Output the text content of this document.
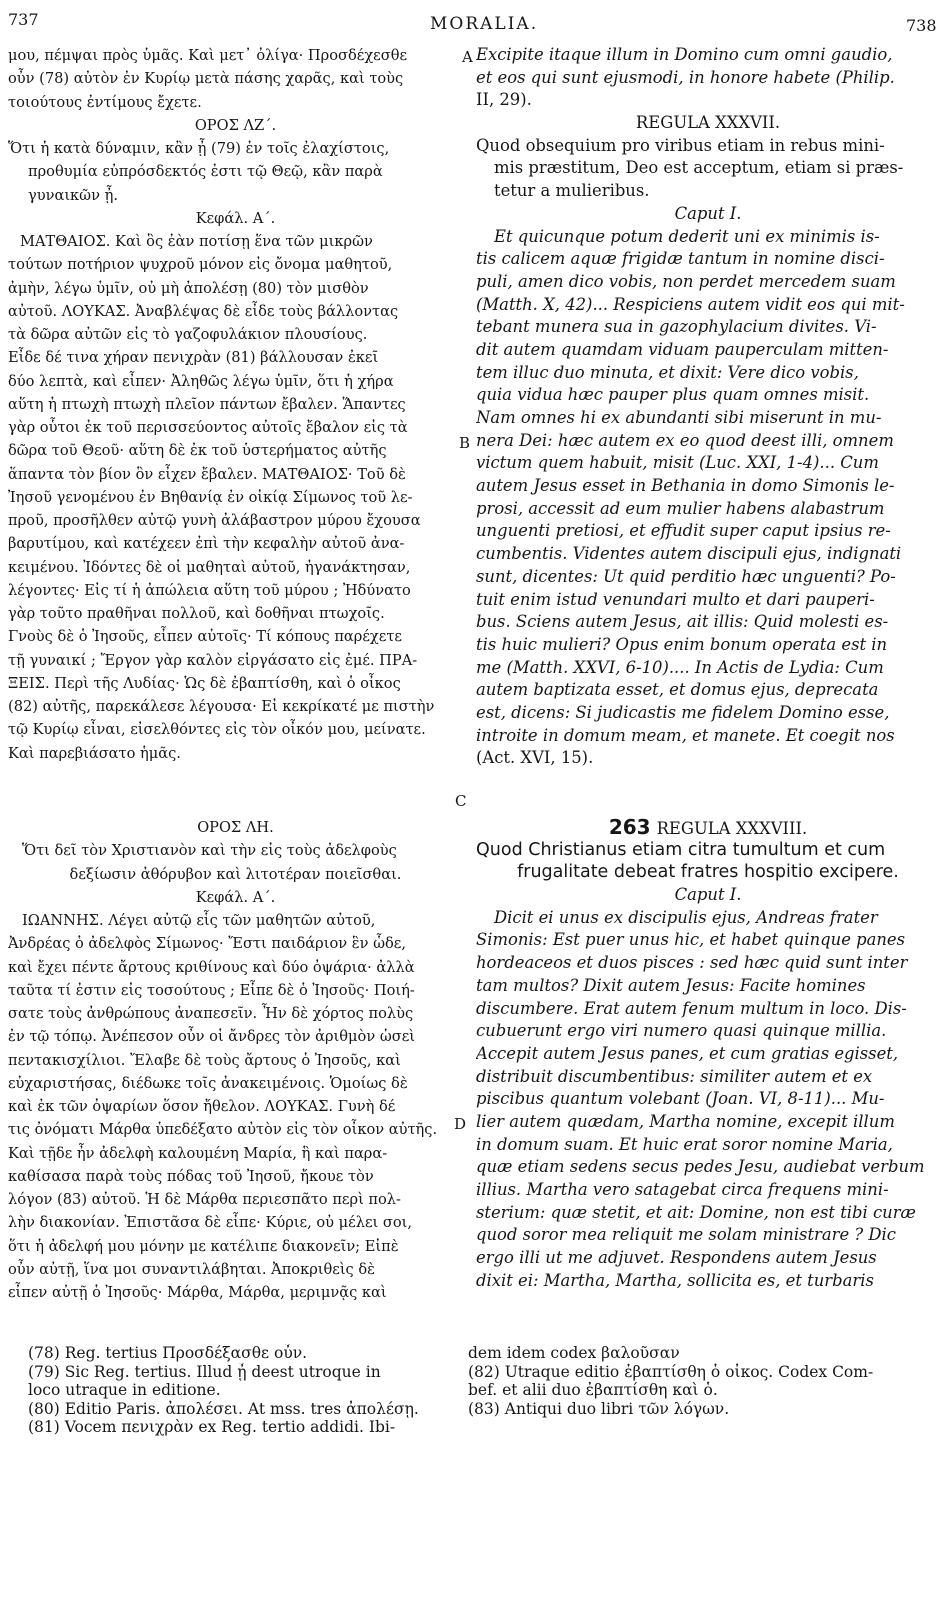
737	MORALIA.	738
A
B
C
D
μου, πέμψαι πρὸς ὑμᾶς. Καὶ μετ᾽ ὀλίγα· Προσδέχεσθε
οὖν (78) αὐτὸν ἐν Κυρίῳ μετὰ πάσης χαρᾶς, καὶ τοὺς
τοιούτους ἐντίμους ἔχετε.
ΟΡΟΣ ΛΖ΄.
Ὅτι ἡ κατὰ δύναμιν, κἂν ᾖ (79) ἐν τοῖς ἐλαχίστοις,
προθυμία εὐπρόσδεκτός ἐστι τῷ Θεῷ, κἂν παρὰ
γυναικῶν ᾖ.
Κεφάλ. Α΄.
ΜΑΤΘΑΙΟΣ. Καὶ ὃς ἐὰν ποτίσῃ ἕνα τῶν μικρῶν
τούτων ποτήριον ψυχροῦ μόνον εἰς ὄνομα μαθητοῦ,
ἀμὴν, λέγω ὑμῖν, οὐ μὴ ἀπολέσῃ (80) τὸν μισθὸν
αὐτοῦ. ΛΟΥΚΑΣ. Ἀναβλέψας δὲ εἶδε τοὺς βάλλοντας
τὰ δῶρα αὐτῶν εἰς τὸ γαζοφυλάκιον πλουσίους.
Εἶδε δέ τινα χήραν πενιχρὰν (81) βάλλουσαν ἐκεῖ
δύο λεπτὰ, καὶ εἶπεν· Ἀληθῶς λέγω ὑμῖν, ὅτι ἡ χήρα
αὕτη ἡ πτωχὴ πτωχὴ πλεῖον πάντων ἔβαλεν. Ἅπαντες
γὰρ οὗτοι ἐκ τοῦ περισσεύοντος αὐτοῖς ἔβαλον εἰς τὰ
δῶρα τοῦ Θεοῦ· αὕτη δὲ ἐκ τοῦ ὑστερήματος αὐτῆς
ἅπαντα τὸν βίον ὃν εἶχεν ἔβαλεν. ΜΑΤΘΑΙΟΣ· Τοῦ δὲ
Ἰησοῦ γενομένου ἐν Βηθανίᾳ ἐν οἰκίᾳ Σίμωνος τοῦ λε-
προῦ, προσῆλθεν αὐτῷ γυνὴ ἀλάβαστρον μύρου ἔχουσα
βαρυτίμου, καὶ κατέχεεν ἐπὶ τὴν κεφαλὴν αὐτοῦ ἀνα-
κειμένου. Ἰδόντες δὲ οἱ μαθηταὶ αὐτοῦ, ἠγανάκτησαν,
λέγοντες· Εἰς τί ἡ ἀπώλεια αὕτη τοῦ μύρου ; Ἠδύνατο
γὰρ τοῦτο πραθῆναι πολλοῦ, καὶ δοθῆναι πτωχοῖς.
Γνοὺς δὲ ὁ Ἰησοῦς, εἶπεν αὐτοῖς· Τί κόπους παρέχετε
τῇ γυναικί ; Ἔργον γὰρ καλὸν εἰργάσατο εἰς ἐμέ. ΠΡΑ-
ΞΕΙΣ. Περὶ τῆς Λυδίας· Ὡς δὲ ἐβαπτίσθη, καὶ ὁ οἶκος
(82) αὐτῆς, παρεκάλεσε λέγουσα· Εἰ κεκρίκατέ με πιστὴν
τῷ Κυρίῳ εἶναι, εἰσελθόντες εἰς τὸν οἶκόν μου, μείνατε.
Καὶ παρεβιάσατο ἡμᾶς.
ΟΡΟΣ ΛΗ.
Ὅτι δεῖ τὸν Χριστιανὸν καὶ τὴν εἰς τοὺς ἀδελφοὺς
δεξίωσιν ἀθόρυβον καὶ λιτοτέραν ποιεῖσθαι.
Κεφάλ. Α΄.
ΙΩΑΝΝΗΣ. Λέγει αὐτῷ εἷς τῶν μαθητῶν αὐτοῦ,
Ἀνδρέας ὁ ἀδελφὸς Σίμωνος· Ἔστι παιδάριον ἓν ὧδε,
καὶ ἔχει πέντε ἄρτους κριθίνους καὶ δύο ὀψάρια· ἀλλὰ
ταῦτα τί ἐστιν εἰς τοσούτους ; Εἶπε δὲ ὁ Ἰησοῦς· Ποιή-
σατε τοὺς ἀνθρώπους ἀναπεσεῖν. Ἦν δὲ χόρτος πολὺς
ἐν τῷ τόπῳ. Ἀνέπεσον οὖν οἱ ἄνδρες τὸν ἀριθμὸν ὡσεὶ
πεντακισχίλιοι. Ἔλαβε δὲ τοὺς ἄρτους ὁ Ἰησοῦς, καὶ
εὐχαριστήσας, διέδωκε τοῖς ἀνακειμένοις. Ὁμοίως δὲ
καὶ ἐκ τῶν ὀψαρίων ὅσον ἤθελον. ΛΟΥΚΑΣ. Γυνὴ δέ
τις ὀνόματι Μάρθα ὑπεδέξατο αὐτὸν εἰς τὸν οἶκον αὐτῆς.
Καὶ τῇδε ἦν ἀδελφὴ καλουμένη Μαρία, ἣ καὶ παρα-
καθίσασα παρὰ τοὺς πόδας τοῦ Ἰησοῦ, ἤκουε τὸν
λόγον (83) αὐτοῦ. Ἡ δὲ Μάρθα περιεσπᾶτο περὶ πολ-
λὴν διακονίαν. Ἐπιστᾶσα δὲ εἶπε· Κύριε, οὐ μέλει σοι,
ὅτι ἡ ἀδελφή μου μόνην με κατέλιπε διακονεῖν; Εἰπὲ
οὖν αὐτῇ, ἵνα μοι συναντιλάβηται. Ἀποκριθεὶς δὲ
εἶπεν αὐτῇ ὁ Ἰησοῦς· Μάρθα, Μάρθα, μεριμνᾷς καὶ
Excipite itaque illum in Domino cum omni gaudio,
et eos qui sunt ejusmodi, in honore habete (Philip.
II, 29).
REGULA XXXVII.
Quod obsequium pro viribus etiam in rebus mini-
mis præstitum, Deo est acceptum, etiam si præs-
tetur a mulieribus.
Caput I.
Et quicunque potum dederit uni ex minimis is-
tis calicem aquæ frigidæ tantum in nomine disci-
puli, amen dico vobis, non perdet mercedem suam
(Matth. X, 42)... Respiciens autem vidit eos qui mit-
tebant munera sua in gazophylacium divites. Vi-
dit autem quamdam viduam pauperculam mitten-
tem illuc duo minuta, et dixit: Vere dico vobis,
quia vidua hæc pauper plus quam omnes misit.
Nam omnes hi ex abundanti sibi miserunt in mu-
nera Dei: hæc autem ex eo quod deest illi, omnem
victum quem habuit, misit (Luc. XXI, 1-4)... Cum
autem Jesus esset in Bethania in domo Simonis le-
prosi, accessit ad eum mulier habens alabastrum
unguenti pretiosi, et effudit super caput ipsius re-
cumbentis. Videntes autem discipuli ejus, indignati
sunt, dicentes: Ut quid perditio hæc unguenti? Po-
tuit enim istud venundari multo et dari pauperi-
bus. Sciens autem Jesus, ait illis: Quid molesti es-
tis huic mulieri? Opus enim bonum operata est in
me (Matth. XXVI, 6-10).... In Actis de Lydia: Cum
autem baptizata esset, et domus ejus, deprecata
est, dicens: Si judicastis me fidelem Domino esse,
introite in domum meam, et manete. Et coegit nos
(Act. XVI, 15).
263 REGULA XXXVIII.
Quod Christianus etiam citra tumultum et cum
frugalitate debeat fratres hospitio excipere.
Caput I.
Dicit ei unus ex discipulis ejus, Andreas frater
Simonis: Est puer unus hic, et habet quinque panes
hordeaceos et duos pisces : sed hæc quid sunt inter
tam multos? Dixit autem Jesus: Facite homines
discumbere. Erat autem fenum multum in loco. Dis-
cubuerunt ergo viri numero quasi quinque millia.
Accepit autem Jesus panes, et cum gratias egisset,
distribuit discumbentibus: similiter autem et ex
piscibus quantum volebant (Joan. VI, 8-11)... Mu-
lier autem quædam, Martha nomine, excepit illum
in domum suam. Et huic erat soror nomine Maria,
quæ etiam sedens secus pedes Jesu, audiebat verbum
illius. Martha vero satagebat circa frequens mini-
sterium: quæ stetit, et ait: Domine, non est tibi curæ
quod soror mea reliquit me solam ministrare ? Dic
ergo illi ut me adjuvet. Respondens autem Jesus
dixit ei: Martha, Martha, sollicita es, et turbaris
(78) Reg. tertius Προσδέξασθε οὖν.
(79) Sic Reg. tertius. Illud ᾖ deest utroque in
loco utraque in editione.
(80) Editio Paris. ἀπολέσει. At mss. tres ἀπολέσῃ.
(81) Vocem πενιχρὰν ex Reg. tertio addidi. Ibi-
dem idem codex βαλοῦσαν
(82) Utraque editio ἐβαπτίσθη ὁ οἶκος. Codex Com-
bef. et alii duo ἐβαπτίσθη καὶ ὁ.
(83) Antiqui duo libri τῶν λόγων.
